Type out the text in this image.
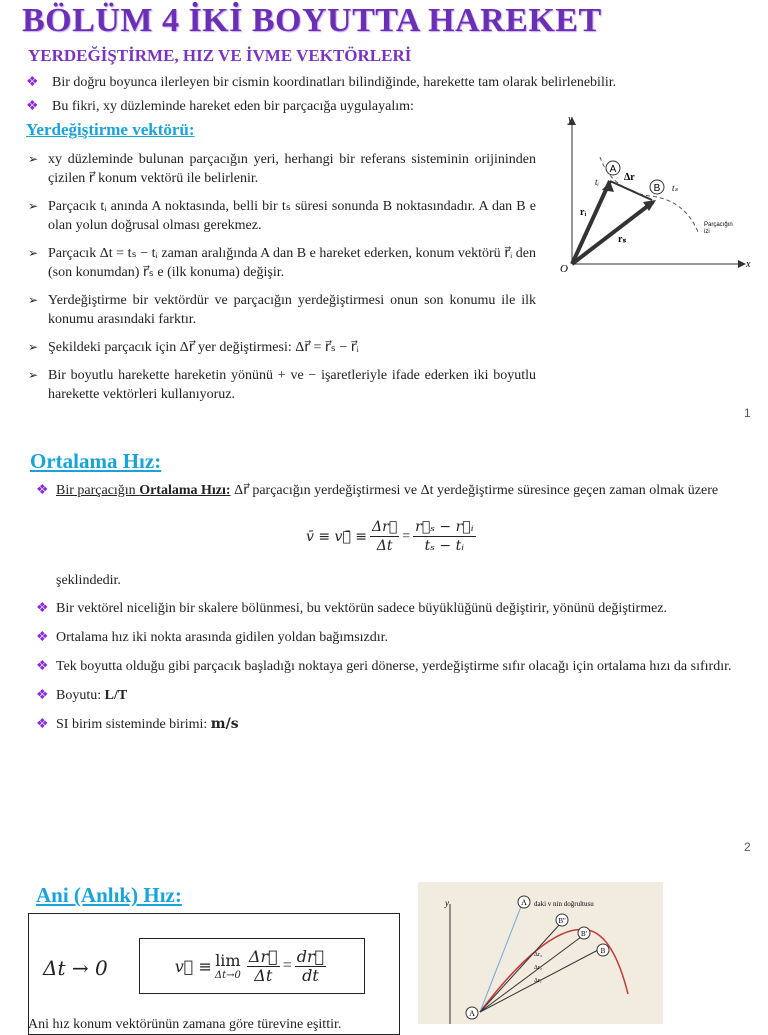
BÖLÜM 4 İKİ BOYUTTA HAREKET
YERDEĞİŞTİRME, HIZ VE İVME VEKTÖRLERİ
❖ Bir doğru boyunca ilerleyen bir cismin koordinatları bilindiğinde, harekette tam olarak belirlenebilir.
❖ Bu fikri, xy düzleminde hareket eden bir parçacığa uygulayalım:
Yerdeğiştirme vektörü:
➢ xy düzleminde bulunan parçacığın yeri, herhangi bir referans sisteminin orijininden çizilen r⃗ konum vektörü ile belirlenir.
➢ Parçacık tᵢ anında A noktasında, belli bir tₛ süresi sonunda B noktasındadır. A dan B e olan yolun doğrusal olması gerekmez.
➢ Parçacık Δt = tₛ − tᵢ zaman aralığında A dan B e hareket ederken, konum vektörü r⃗ᵢ den (son konumdan) r⃗ₛ e (ilk konuma) değişir.
➢ Yerdeğiştirme bir vektördür ve parçacığın yerdeğiştirmesi onun son konumu ile ilk konumu arasındaki farktır.
➢ Şekildeki parçacık için Δr⃗ yer değiştirmesi: Δr⃗ = r⃗ₛ − r⃗ᵢ
➢ Bir boyutlu harekette hareketin yönünü + ve − işaretleriyle ifade ederken iki boyutlu harekette vektörleri kullanıyoruz.
A
B
y
x
O
tᵢ
tₛ
Δr
rᵢ
rₛ
Parçacığın
izi
1
Ortalama Hız:
❖ Bir parçacığın Ortalama Hızı: Δr⃗ parçacığın yerdeğiştirmesi ve Δt yerdeğiştirme süresince geçen zaman olmak üzere
v̄ ≡ v⃗̄ ≡ $\frac{\Delta r⃗}{\Delta t} = \frac{\text{r⃗ₛ − r⃗ᵢ}}{\text{tₛ − tᵢ}}$
şeklindedir.
❖ Bir vektörel niceliğin bir skalere bölünmesi, bu vektörün sadece büyüklüğünü değiştirir, yönünü değiştirmez.
❖ Ortalama hız iki nokta arasında gidilen yoldan bağımsızdır.
❖ Tek boyutta olduğu gibi parçacık başladığı noktaya geri dönerse, yerdeğiştirme sıfır olacağı için ortalama hızı da sıfırdır.
❖ Boyutu: L/T
❖ SI birim sisteminde birimi: m/s
2
Ani (Anlık) Hız:
Δt → 0	v⃗ ≡ lim
$\Delta t\to 0 \frac{\Delta r⃗}{\Delta t} = \frac{dr⃗}{dt}$
Ani hız konum vektörünün zamana göre türevine eşittir.
y	A daki v nin doğrultusu
B''
B'
B
Δr₃
Δr₂
Δr₁
A
